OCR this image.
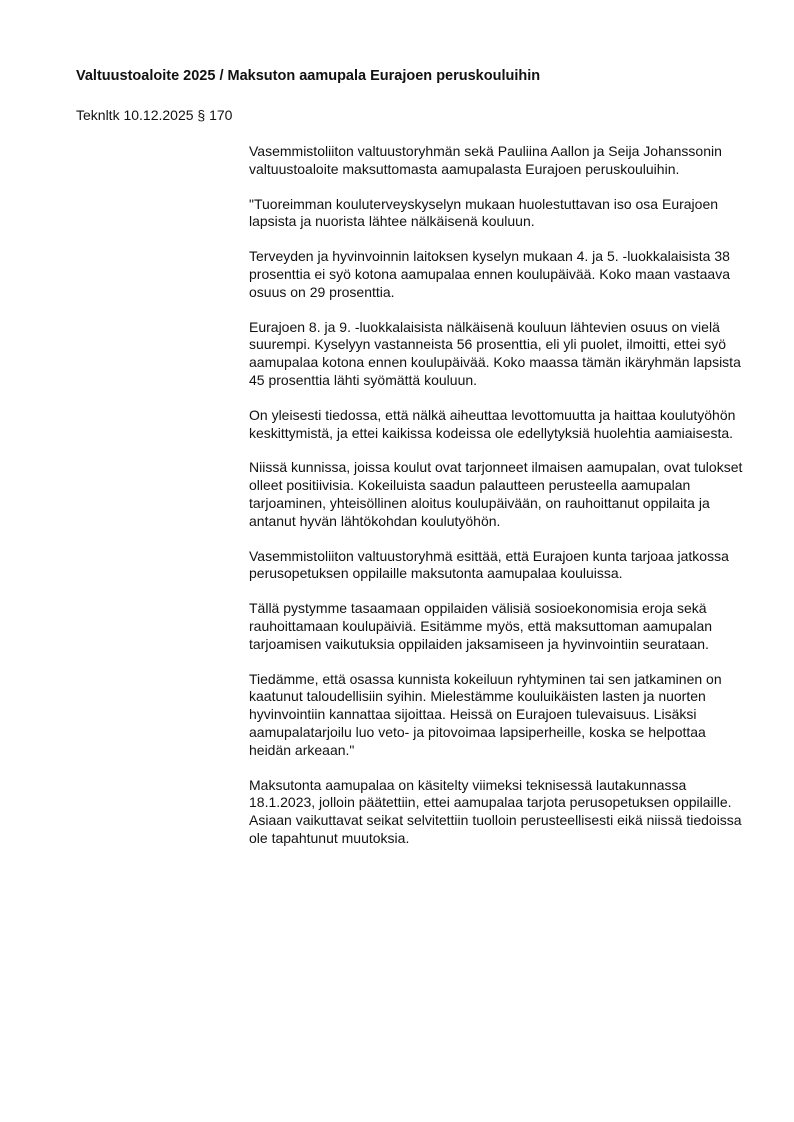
Valtuustoaloite 2025 / Maksuton aamupala Eurajoen peruskouluihin

Teknltk 10.12.2025 § 170

Vasemmistoliiton valtuustoryhmän sekä Pauliina Aallon ja Seija Johanssonin valtuustoaloite maksuttomasta aamupalasta Eurajoen peruskouluihin.

"Tuoreimman kouluterveyskyselyn mukaan huolestuttavan iso osa Eurajoen lapsista ja nuorista lähtee nälkäisenä kouluun.

Terveyden ja hyvinvoinnin laitoksen kyselyn mukaan 4. ja 5. -luokkalaisista 38 prosenttia ei syö kotona aamupalaa ennen koulupäivää. Koko maan vastaava osuus on 29 prosenttia.

Eurajoen 8. ja 9. -luokkalaisista nälkäisenä kouluun lähtevien osuus on vielä suurempi. Kyselyyn vastanneista 56 prosenttia, eli yli puolet, ilmoitti, ettei syö aamupalaa kotona ennen koulupäivää. Koko maassa tämän ikäryhmän lapsista 45 prosenttia lähti syömättä kouluun.

On yleisesti tiedossa, että nälkä aiheuttaa levottomuutta ja haittaa koulutyöhön keskittymistä, ja ettei kaikissa kodeissa ole edellytyksiä huolehtia aamiaisesta.

Niissä kunnissa, joissa koulut ovat tarjonneet ilmaisen aamupalan, ovat tulokset olleet positiivisia. Kokeiluista saadun palautteen perusteella aamupalan tarjoaminen, yhteisöllinen aloitus koulupäivään, on rauhoittanut oppilaita ja antanut hyvän lähtökohdan koulutyöhön.

Vasemmistoliiton valtuustoryhmä esittää, että Eurajoen kunta tarjoaa jatkossa perusopetuksen oppilaille maksutonta aamupalaa kouluissa.

Tällä pystymme tasaamaan oppilaiden välisiä sosioekonomisia eroja sekä rauhoittamaan koulupäiviä. Esitämme myös, että maksuttoman aamupalan tarjoamisen vaikutuksia oppilaiden jaksamiseen ja hyvinvointiin seurataan.

Tiedämme, että osassa kunnista kokeiluun ryhtyminen tai sen jatkaminen on kaatunut taloudellisiin syihin. Mielestämme kouluikäisten lasten ja nuorten hyvinvointiin kannattaa sijoittaa. Heissä on Eurajoen tulevaisuus. Lisäksi aamupalatarjoilu luo veto- ja pitovoimaa lapsiperheille, koska se helpottaa heidän arkeaan."

Maksutonta aamupalaa on käsitelty viimeksi teknisessä lautakunnassa 18.1.2023, jolloin päätettiin, ettei aamupalaa tarjota perusopetuksen oppilaille. Asiaan vaikuttavat seikat selvitettiin tuolloin perusteellisesti eikä niissä tiedoissa ole tapahtunut muutoksia.
